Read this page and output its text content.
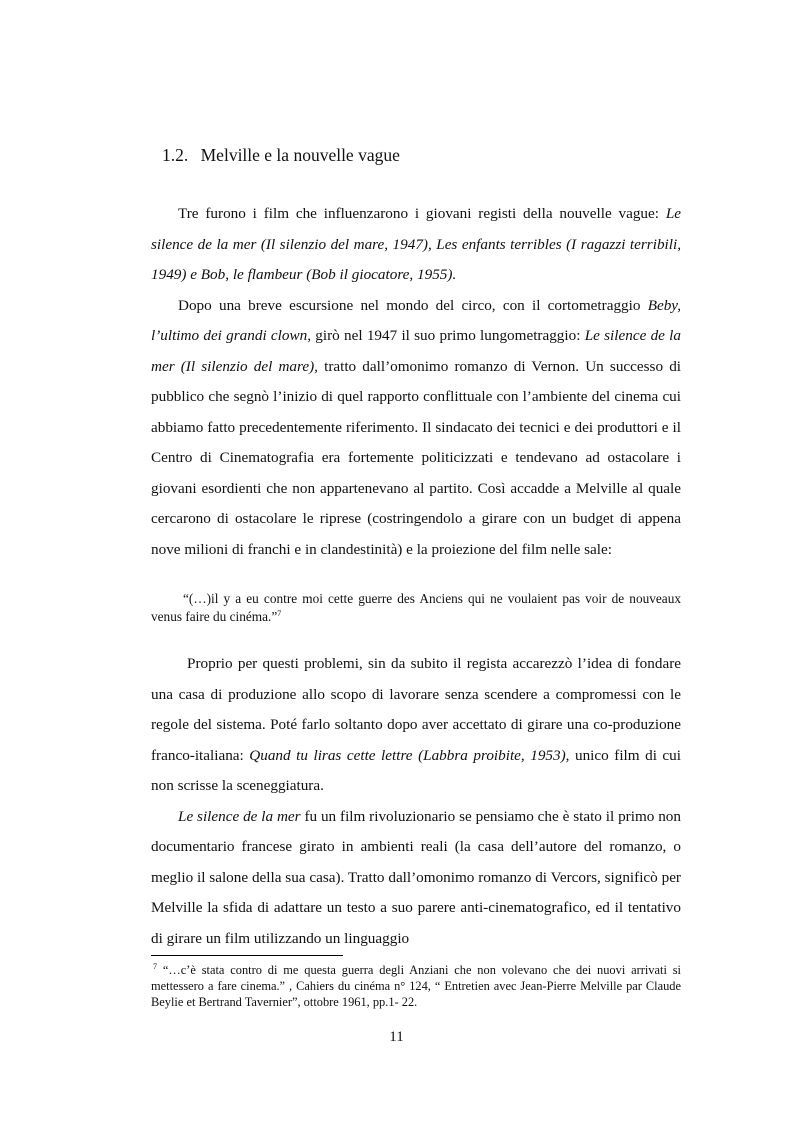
1.2. Melville e la nouvelle vague

Tre furono i film che influenzarono i giovani registi della nouvelle vague: Le silence de la mer (Il silenzio del mare, 1947), Les enfants terribles (I ragazzi terribili, 1949) e Bob, le flambeur (Bob il giocatore, 1955).

Dopo una breve escursione nel mondo del circo, con il cortometraggio Beby, l’ultimo dei grandi clown, girò nel 1947 il suo primo lungometraggio: Le silence de la mer (Il silenzio del mare), tratto dall’omonimo romanzo di Vernon. Un successo di pubblico che segnò l’inizio di quel rapporto conflittuale con l’ambiente del cinema cui abbiamo fatto precedentemente riferimento. Il sindacato dei tecnici e dei produttori e il Centro di Cinematografia era fortemente politicizzati e tendevano ad ostacolare i giovani esordienti che non appartenevano al partito. Così accadde a Melville al quale cercarono di ostacolare le riprese (costringendolo a girare con un budget di appena nove milioni di franchi e in clandestinità) e la proiezione del film nelle sale:

“(…)il y a eu contre moi cette guerre des Anciens qui ne voulaient pas voir de nouveaux venus faire du cinéma.”$^7$

Proprio per questi problemi, sin da subito il regista accarezzò l’idea di fondare una casa di produzione allo scopo di lavorare senza scendere a compromessi con le regole del sistema. Poté farlo soltanto dopo aver accettato di girare una co-produzione franco-italiana: Quand tu liras cette lettre (Labbra proibite, 1953), unico film di cui non scrisse la sceneggiatura.

Le silence de la mer fu un film rivoluzionario se pensiamo che è stato il primo non documentario francese girato in ambienti reali (la casa dell’autore del romanzo, o meglio il salone della sua casa). Tratto dall’omonimo romanzo di Vercors, significò per Melville la sfida di adattare un testo a suo parere anti-cinematografico, ed il tentativo di girare un film utilizzando un linguaggio

$^7$ “…c’è stata contro di me questa guerra degli Anziani che non volevano che dei nuovi arrivati si mettessero a fare cinema.” , Cahiers du cinéma n° 124, “ Entretien avec Jean-Pierre Melville par Claude Beylie et Bertrand Tavernier”, ottobre 1961, pp.1- 22.
11
